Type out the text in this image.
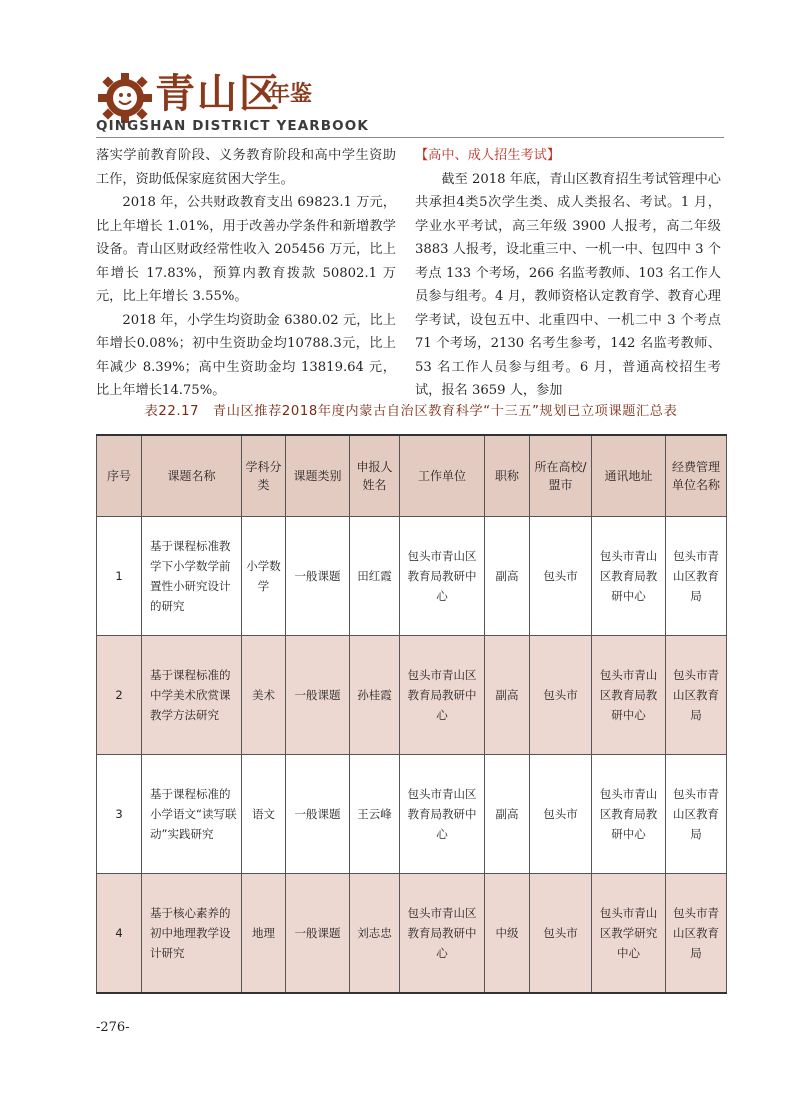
青山区
年鉴
QINGSHAN DISTRICT YEARBOOK

落实学前教育阶段、义务教育阶段和高中学生资助工作，资助低保家庭贫困大学生。

2018 年，公共财政教育支出 69823.1 万元，比上年增长 1.01%，用于改善办学条件和新增教学设备。青山区财政经常性收入 205456 万元，比上年增长 17.83%，预算内教育拨款 50802.1 万元，比上年增长 3.55%。

2018 年，小学生均资助金 6380.02 元，比上年增长0.08%；初中生资助金均10788.3元，比上年减少 8.39%；高中生资助金均 13819.64 元，比上年增长14.75%。

【高中、成人招生考试】

截至 2018 年底，青山区教育招生考试管理中心共承担4类5次学生类、成人类报名、考试。1 月，学业水平考试，高三年级 3900 人报考，高二年级 3883 人报考，设北重三中、一机一中、包四中 3 个考点 133 个考场，266 名监考教师、103 名工作人员参与组考。4 月，教师资格认定教育学、教育心理学考试，设包五中、北重四中、一机二中 3 个考点 71 个考场，2130 名考生参考，142 名监考教师、53 名工作人员参与组考。6 月，普通高校招生考试，报名 3659 人，参加

表22.17　青山区推荐2018年度内蒙古自治区教育科学“十三五”规划已立项课题汇总表
序号	课题名称	学科分类	课题类别	申报人姓名	工作单位	职称	所在高校/盟市	通讯地址	经费管理单位名称
1	基于课程标准教学下小学数学前置性小研究设计的研究	小学数学	一般课题	田红霞	包头市青山区教育局教研中心	副高	包头市	包头市青山区教育局教研中心	包头市青山区教育局
2	基于课程标准的中学美术欣赏课教学方法研究	美术	一般课题	孙桂霞	包头市青山区教育局教研中心	副高	包头市	包头市青山区教育局教研中心	包头市青山区教育局
3	基于课程标准的小学语文“读写联动”实践研究	语文	一般课题	王云峰	包头市青山区教育局教研中心	副高	包头市	包头市青山区教育局教研中心	包头市青山区教育局
4	基于核心素养的初中地理教学设计研究	地理	一般课题	刘志忠	包头市青山区教育局教研中心	中级	包头市	包头市青山区教学研究中心	包头市青山区教育局
-276-
